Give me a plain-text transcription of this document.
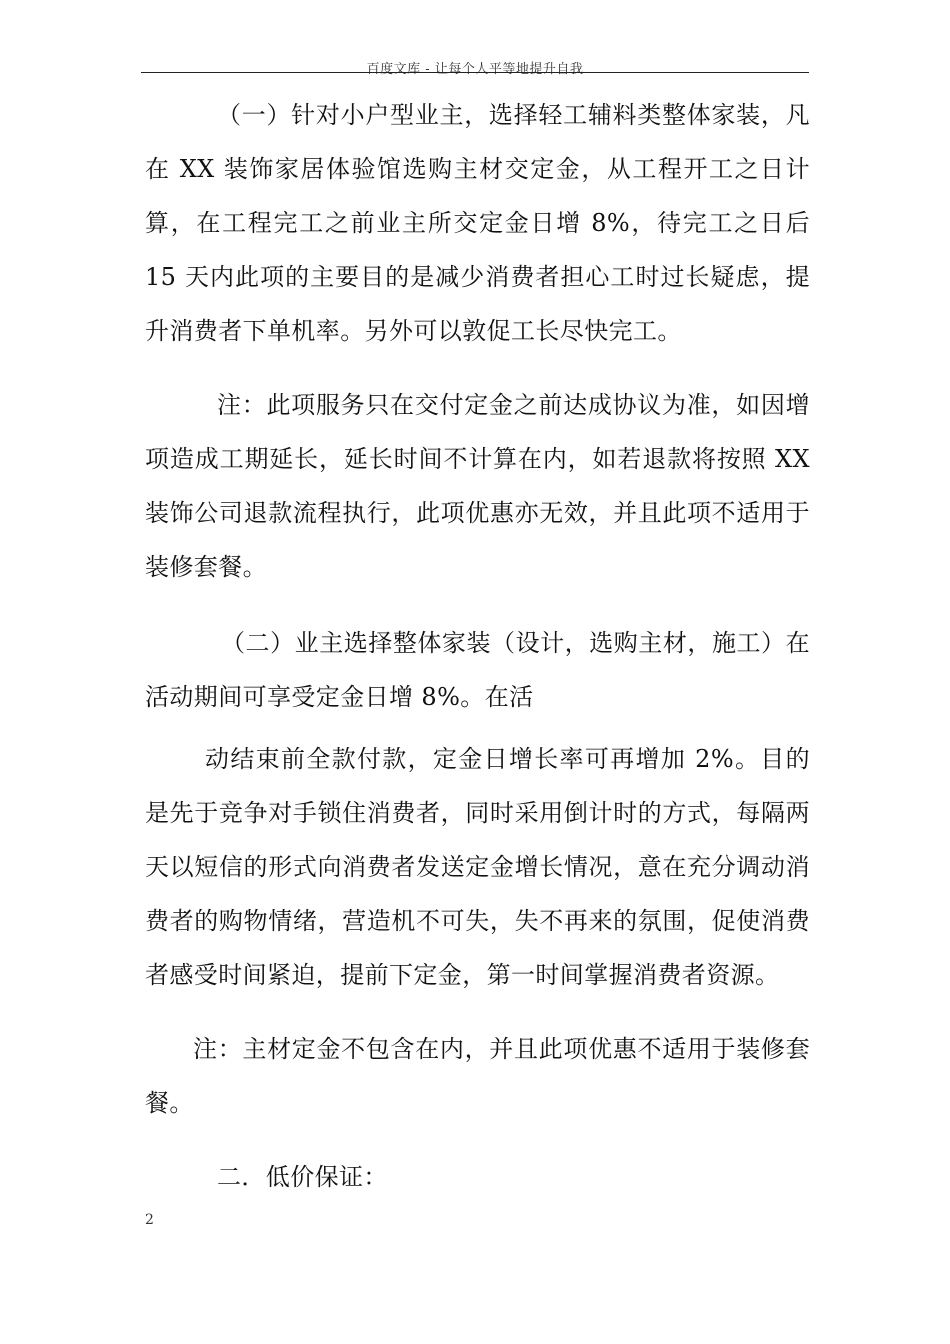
百度文库 - 让每个人平等地提升自我

（一）针对小户型业主，选择轻工辅料类整体家装，凡在 XX 装饰家居体验馆选购主材交定金，从工程开工之日计算，在工程完工之前业主所交定金日增 8%，待完工之日后 15 天内此项的主要目的是减少消费者担心工时过长疑虑，提升消费者下单机率。另外可以敦促工长尽快完工。

注：此项服务只在交付定金之前达成协议为准，如因增项造成工期延长，延长时间不计算在内，如若退款将按照 XX 装饰公司退款流程执行，此项优惠亦无效，并且此项不适用于装修套餐。

（二）业主选择整体家装（设计，选购主材，施工）在活动期间可享受定金日增 8%。在活

动结束前全款付款，定金日增长率可再增加 2%。目的是先于竞争对手锁住消费者，同时采用倒计时的方式，每隔两天以短信的形式向消费者发送定金增长情况，意在充分调动消费者的购物情绪，营造机不可失，失不再来的氛围，促使消费者感受时间紧迫，提前下定金，第一时间掌握消费者资源。

注：主材定金不包含在内，并且此项优惠不适用于装修套餐。

二．低价保证：

2
